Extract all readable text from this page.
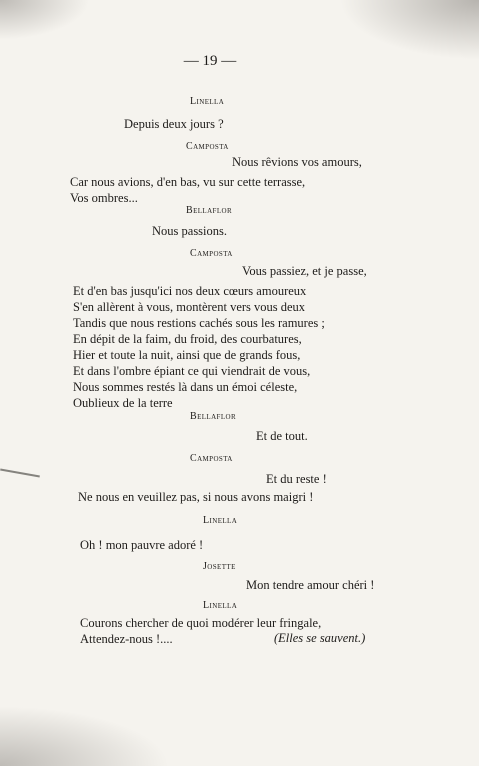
— 19 —
Linella
Depuis deux jours ?
Camposta
Nous rêvions vos amours,
Car nous avions, d'en bas, vu sur cette terrasse,
Vos ombres...
Bellaflor
Nous passions.
Camposta
Vous passiez, et je passe,
Et d'en bas jusqu'ici nos deux cœurs amoureux
S'en allèrent à vous, montèrent vers vous deux
Tandis que nous restions cachés sous les ramures ;
En dépit de la faim, du froid, des courbatures,
Hier et toute la nuit, ainsi que de grands fous,
Et dans l'ombre épiant ce qui viendrait de vous,
Nous sommes restés là dans un émoi céleste,
Oublieux de la terre
Bellaflor
Et de tout.
Camposta
Et du reste !
Ne nous en veuillez pas, si nous avons maigri !
Linella
Oh ! mon pauvre adoré !
Josette
Mon tendre amour chéri !
Linella
Courons chercher de quoi modérer leur fringale,
Attendez-nous !....	(Elles se sauvent.)
